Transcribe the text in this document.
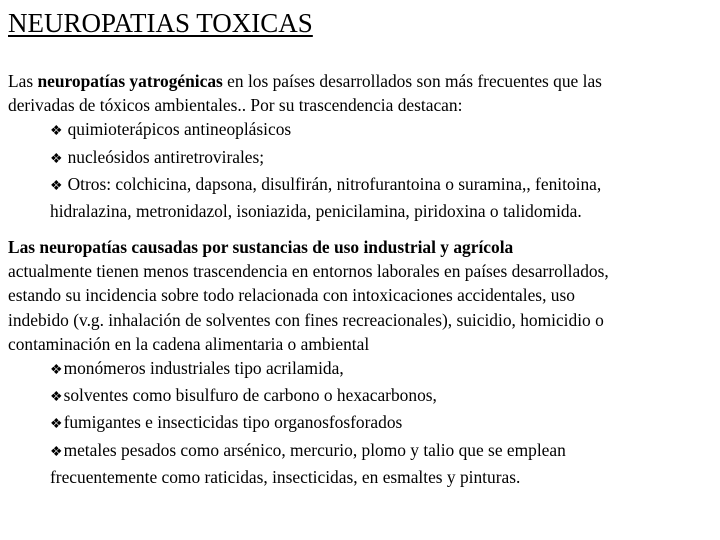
NEUROPATIAS TOXICAS
Las neuropatías yatrogénicas en los países desarrollados son más frecuentes que las
derivadas de tóxicos ambientales.. Por su trascendencia destacan:
❖ quimioterápicos antineoplásicos
❖ nucleósidos antiretrovirales;
❖ Otros: colchicina, dapsona, disulfirán, nitrofurantoina o suramina,, fenitoina,
hidralazina, metronidazol, isoniazida, penicilamina, piridoxina o talidomida.
Las neuropatías causadas por sustancias de uso industrial y agrícola
actualmente tienen menos trascendencia en entornos laborales en países desarrollados,
estando su incidencia sobre todo relacionada con intoxicaciones accidentales, uso
indebido (v.g. inhalación de solventes con fines recreacionales), suicidio, homicidio o
contaminación en la cadena alimentaria o ambiental
❖monómeros industriales tipo acrilamida,
❖solventes como bisulfuro de carbono o hexacarbonos,
❖fumigantes e insecticidas tipo organosfosforados
❖metales pesados como arsénico, mercurio, plomo y talio que se emplean
frecuentemente como raticidas, insecticidas, en esmaltes y pinturas.
